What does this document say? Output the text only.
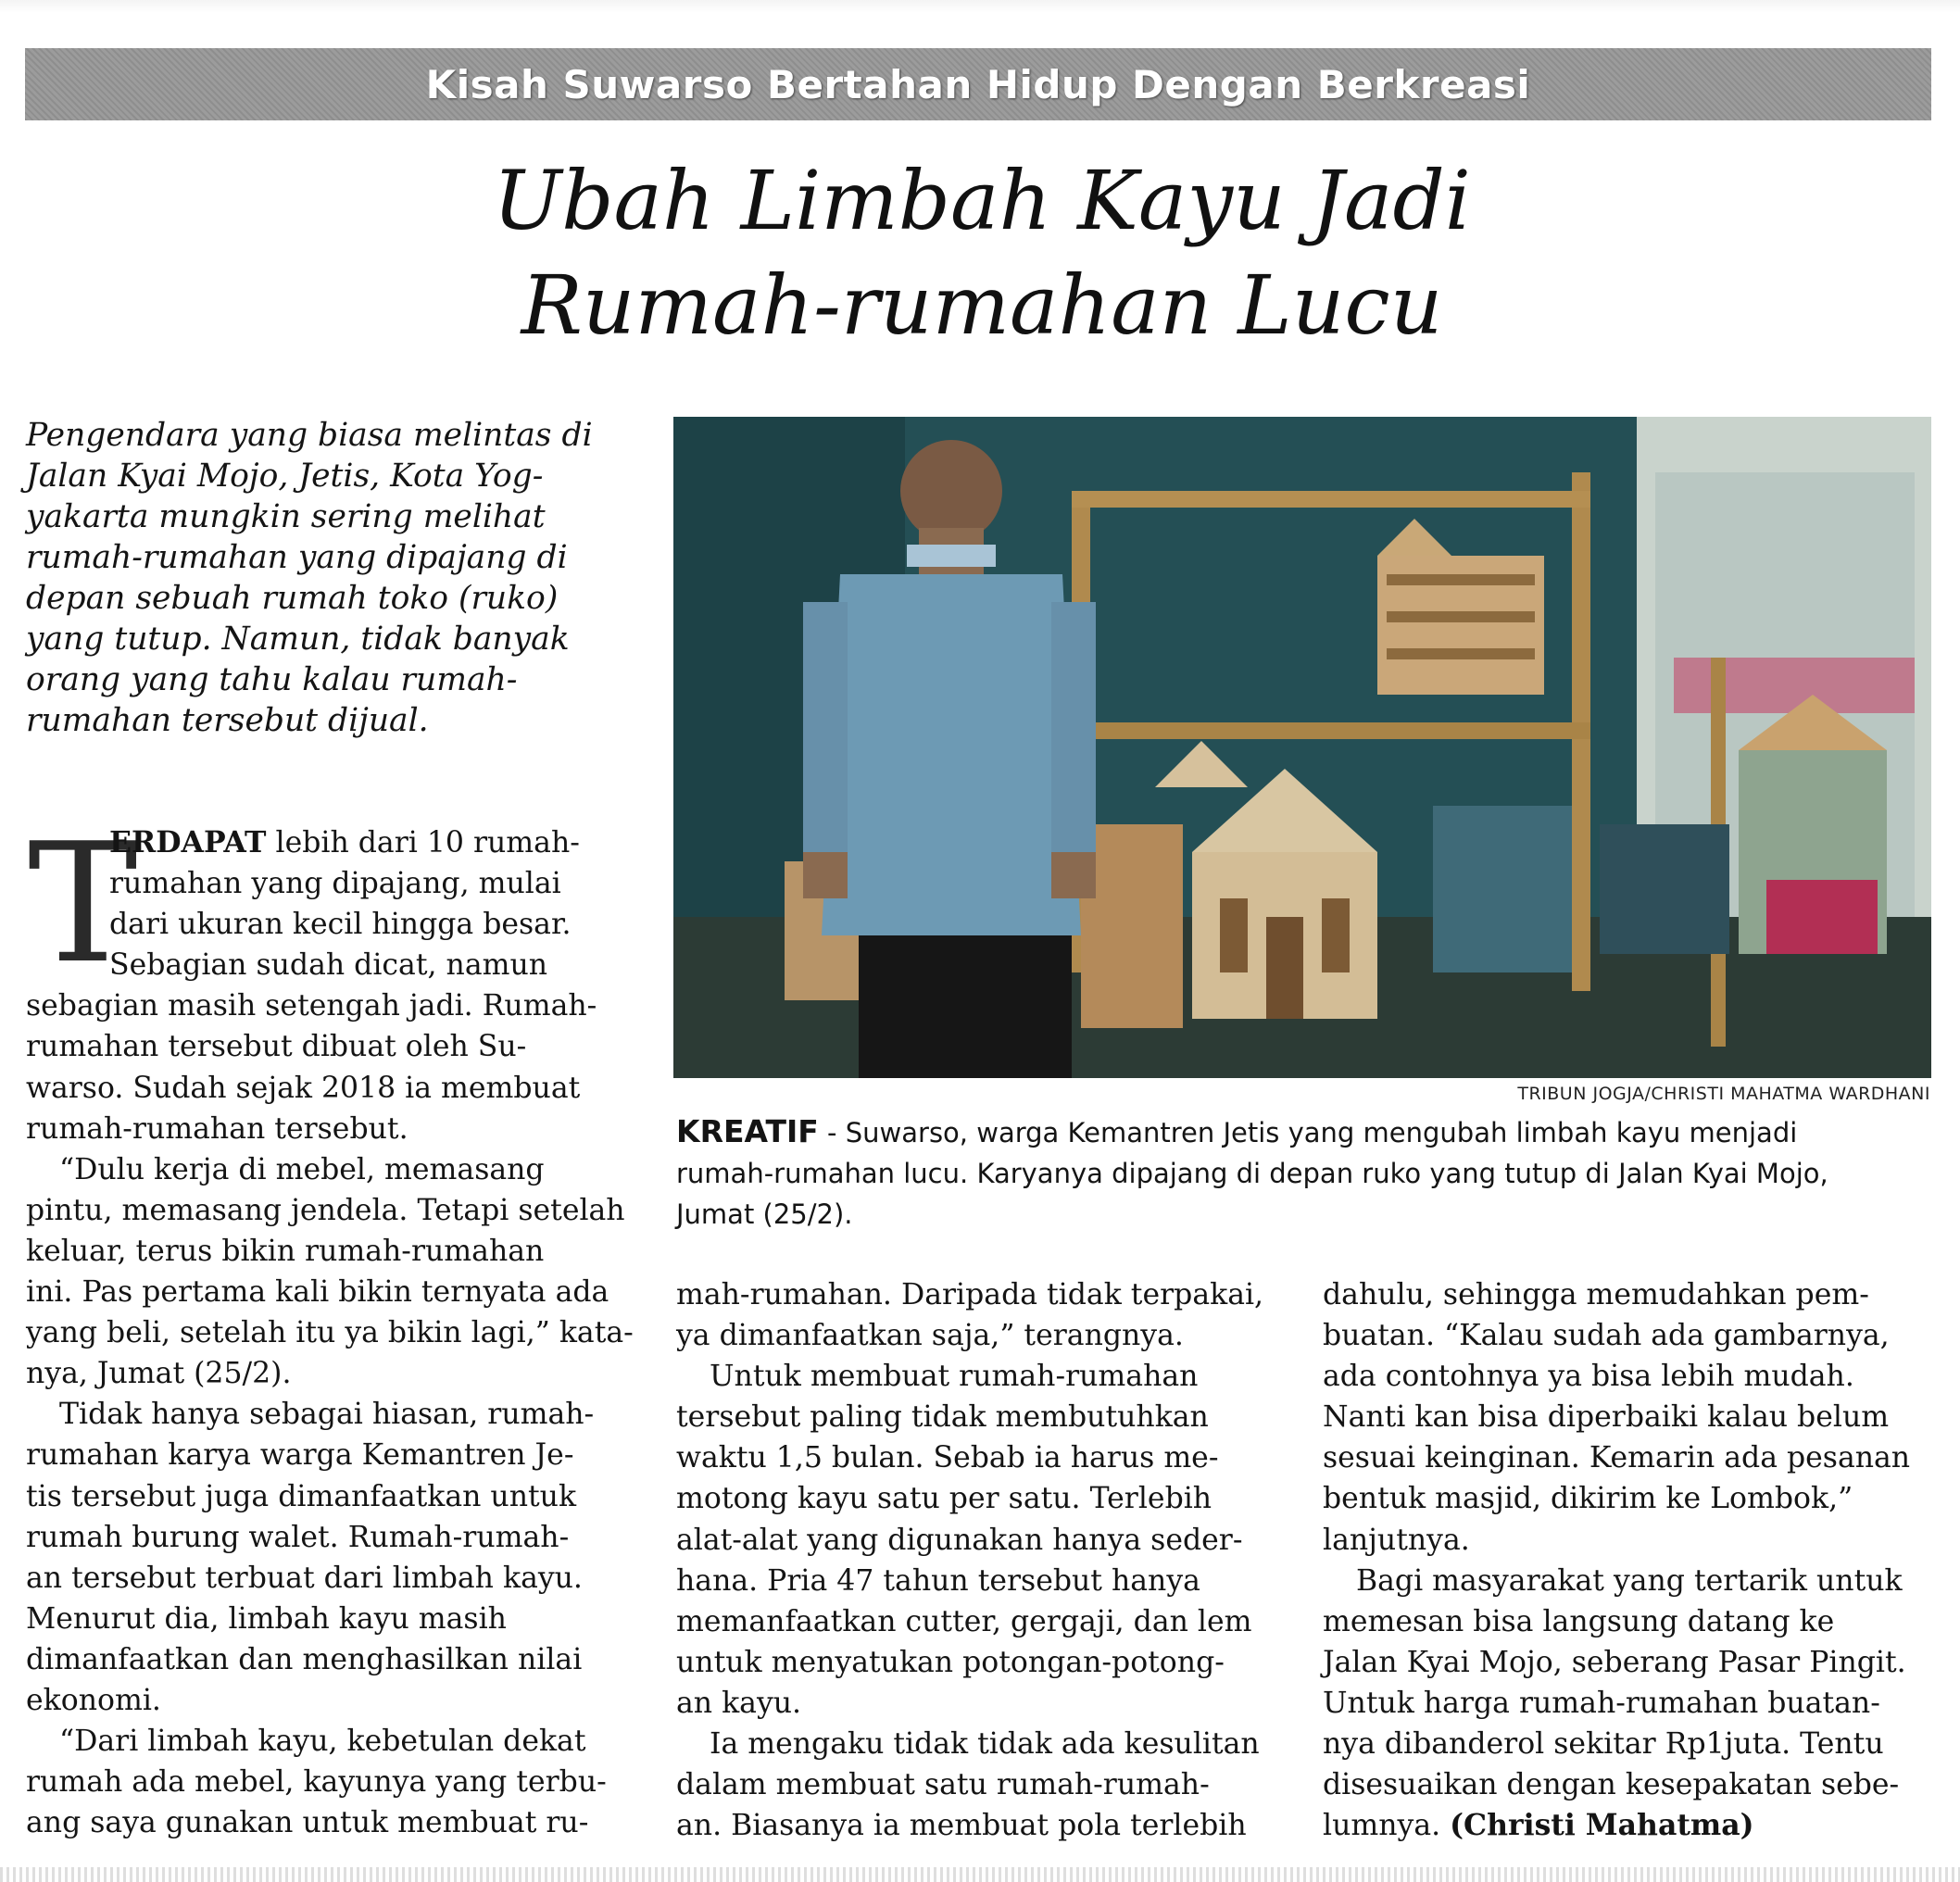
Kisah Suwarso Bertahan Hidup Dengan Berkreasi
Ubah Limbah Kayu Jadi
Rumah-rumahan Lucu
Pengendara yang biasa melintas di
Jalan Kyai Mojo, Jetis, Kota Yog-
yakarta mungkin sering melihat
rumah-rumahan yang dipajang di
depan sebuah rumah toko (ruko)
yang tutup. Namun, tidak banyak
orang yang tahu kalau rumah-
rumahan tersebut dijual.
T
ERDAPAT lebih dari 10 rumah-
rumahan yang dipajang, mulai
dari ukuran kecil hingga besar.
Sebagian sudah dicat, namun
sebagian masih setengah jadi. Rumah-
rumahan tersebut dibuat oleh Su-
warso. Sudah sejak 2018 ia membuat
rumah-rumahan tersebut.
“Dulu kerja di mebel, memasang
pintu, memasang jendela. Tetapi setelah
keluar, terus bikin rumah-rumahan
ini. Pas pertama kali bikin ternyata ada
yang beli, setelah itu ya bikin lagi,” kata-
nya, Jumat (25/2).
Tidak hanya sebagai hiasan, rumah-
rumahan karya warga Kemantren Je-
tis tersebut juga dimanfaatkan untuk
rumah burung walet. Rumah-rumah-
an tersebut terbuat dari limbah kayu.
Menurut dia, limbah kayu masih
dimanfaatkan dan menghasilkan nilai
ekonomi.
“Dari limbah kayu, kebetulan dekat
rumah ada mebel, kayunya yang terbu-
ang saya gunakan untuk membuat ru-
TRIBUN JOGJA/CHRISTI MAHATMA WARDHANI
KREATIF - Suwarso, warga Kemantren Jetis yang mengubah limbah kayu menjadi
rumah-rumahan lucu. Karyanya dipajang di depan ruko yang tutup di Jalan Kyai Mojo,
Jumat (25/2).
mah-rumahan. Daripada tidak terpakai,
ya dimanfaatkan saja,” terangnya.
Untuk membuat rumah-rumahan
tersebut paling tidak membutuhkan
waktu 1,5 bulan. Sebab ia harus me-
motong kayu satu per satu. Terlebih
alat-alat yang digunakan hanya seder-
hana. Pria 47 tahun tersebut hanya
memanfaatkan cutter, gergaji, dan lem
untuk menyatukan potongan-potong-
an kayu.
Ia mengaku tidak tidak ada kesulitan
dalam membuat satu rumah-rumah-
an. Biasanya ia membuat pola terlebih
dahulu, sehingga memudahkan pem-
buatan. “Kalau sudah ada gambarnya,
ada contohnya ya bisa lebih mudah.
Nanti kan bisa diperbaiki kalau belum
sesuai keinginan. Kemarin ada pesanan
bentuk masjid, dikirim ke Lombok,”
lanjutnya.
Bagi masyarakat yang tertarik untuk
memesan bisa langsung datang ke
Jalan Kyai Mojo, seberang Pasar Pingit.
Untuk harga rumah-rumahan buatan-
nya dibanderol sekitar Rp1juta. Tentu
disesuaikan dengan kesepakatan sebe-
lumnya. (Christi Mahatma)
